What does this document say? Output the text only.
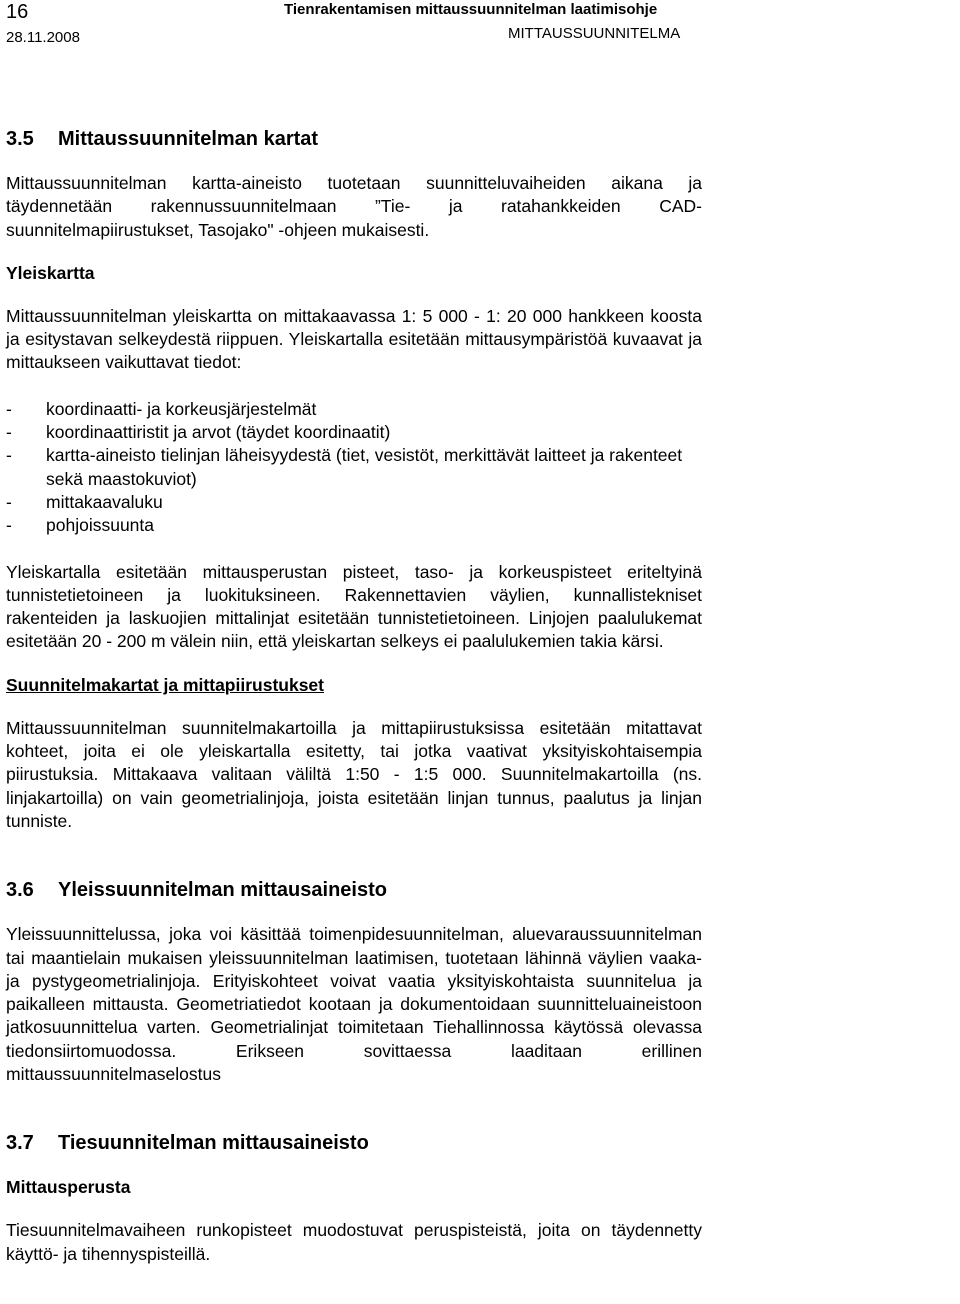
16
28.11.2008
Tienrakentamisen mittaussuunnitelman laatimisohje
MITTAUSSUUNNITELMA
3.5 Mittaussuunnitelman kartat

Mittaussuunnitelman kartta-aineisto tuotetaan suunnitteluvaiheiden aikana ja täydennetään rakennussuunnitelmaan ”Tie- ja ratahankkeiden CAD-suunnitelmapiirustukset, Tasojako" -ohjeen mukaisesti.

Yleiskartta

Mittaussuunnitelman yleiskartta on mittakaavassa 1: 5 000 - 1: 20 000 hankkeen koosta ja esitystavan selkeydestä riippuen. Yleiskartalla esitetään mittausympäristöä kuvaavat ja mittaukseen vaikuttavat tiedot:

- koordinaatti- ja korkeusjärjestelmät
- koordinaattiristit ja arvot (täydet koordinaatit)
- kartta-aineisto tielinjan läheisyydestä (tiet, vesistöt, merkittävät laitteet ja rakenteet sekä maastokuviot)
- mittakaavaluku
- pohjoissuunta

Yleiskartalla esitetään mittausperustan pisteet, taso- ja korkeuspisteet eriteltyinä tunnistetietoineen ja luokituksineen. Rakennettavien väylien, kunnallistekniset rakenteiden ja laskuojien mittalinjat esitetään tunnistetietoineen. Linjojen paalulukemat esitetään 20 - 200 m välein niin, että yleiskartan selkeys ei paalulukemien takia kärsi.

Suunnitelmakartat ja mittapiirustukset

Mittaussuunnitelman suunnitelmakartoilla ja mittapiirustuksissa esitetään mitattavat kohteet, joita ei ole yleiskartalla esitetty, tai jotka vaativat yksityiskohtaisempia piirustuksia. Mittakaava valitaan väliltä 1:50 - 1:5 000. Suunnitelmakartoilla (ns. linjakartoilla) on vain geometrialinjoja, joista esitetään linjan tunnus, paalutus ja linjan tunniste.

3.6 Yleissuunnitelman mittausaineisto

Yleissuunnittelussa, joka voi käsittää toimenpidesuunnitelman, aluevaraussuunnitelman tai maantielain mukaisen yleissuunnitelman laatimisen, tuotetaan lähinnä väylien vaaka- ja pystygeometrialinjoja. Erityiskohteet voivat vaatia yksityiskohtaista suunnitelua ja paikalleen mittausta. Geometriatiedot kootaan ja dokumentoidaan suunnitteluaineistoon jatkosuunnittelua varten. Geometrialinjat toimitetaan Tiehallinnossa käytössä olevassa tiedonsiirtomuodossa. Erikseen sovittaessa laaditaan erillinen mittaussuunnitelmaselostus

3.7 Tiesuunnitelman mittausaineisto
Mittausperusta

Tiesuunnitelmavaiheen runkopisteet muodostuvat peruspisteistä, joita on täydennetty käyttö- ja tihennyspisteillä.
